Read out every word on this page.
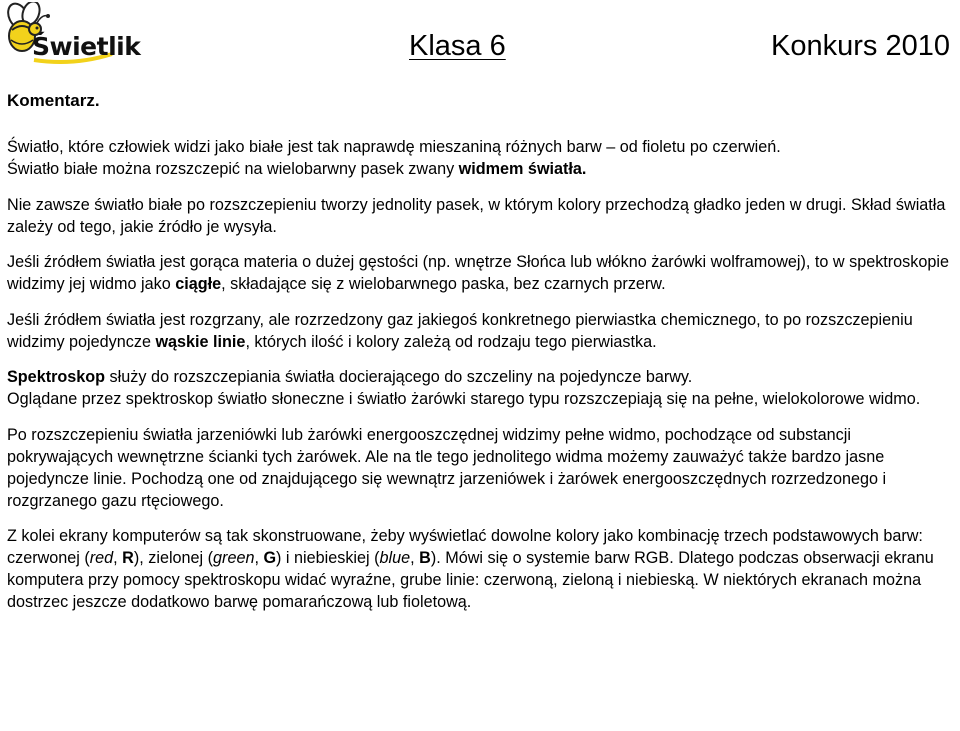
Świetlik	Klasa 6	Konkurs 2010
Komentarz.

Światło, które człowiek widzi jako białe jest tak naprawdę mieszaniną różnych barw – od fioletu po czerwień.
Światło białe można rozszczepić na wielobarwny pasek zwany widmem światła.

Nie zawsze światło białe po rozszczepieniu tworzy jednolity pasek, w którym kolory przechodzą gładko jeden w drugi. Skład światła zależy od tego, jakie źródło je wysyła.

Jeśli źródłem światła jest gorąca materia o dużej gęstości (np. wnętrze Słońca lub włókno żarówki wolframowej), to w spektroskopie widzimy jej widmo jako ciągłe, składające się z wielobarwnego paska, bez czarnych przerw.

Jeśli źródłem światła jest rozgrzany, ale rozrzedzony gaz jakiegoś konkretnego pierwiastka chemicznego, to po rozszczepieniu widzimy pojedyncze wąskie linie, których ilość i kolory zależą od rodzaju tego pierwiastka.

Spektroskop służy do rozszczepiania światła docierającego do szczeliny na pojedyncze barwy.
Oglądane przez spektroskop światło słoneczne i światło żarówki starego typu rozszczepiają się na pełne, wielokolorowe widmo.

Po rozszczepieniu światła jarzeniówki lub żarówki energooszczędnej widzimy pełne widmo, pochodzące od substancji pokrywających wewnętrzne ścianki tych żarówek. Ale na tle tego jednolitego widma możemy zauważyć także bardzo jasne pojedyncze linie. Pochodzą one od znajdującego się wewnątrz jarzeniówek i żarówek energooszczędnych rozrzedzonego i rozgrzanego gazu rtęciowego.

Z kolei ekrany komputerów są tak skonstruowane, żeby wyświetlać dowolne kolory jako kombinację trzech podstawowych barw: czerwonej (red, R), zielonej (green, G) i niebieskiej (blue, B). Mówi się o systemie barw RGB. Dlatego podczas obserwacji ekranu komputera przy pomocy spektroskopu widać wyraźne, grube linie: czerwoną, zieloną i niebieską. W niektórych ekranach można dostrzec jeszcze dodatkowo barwę pomarańczową lub fioletową.
